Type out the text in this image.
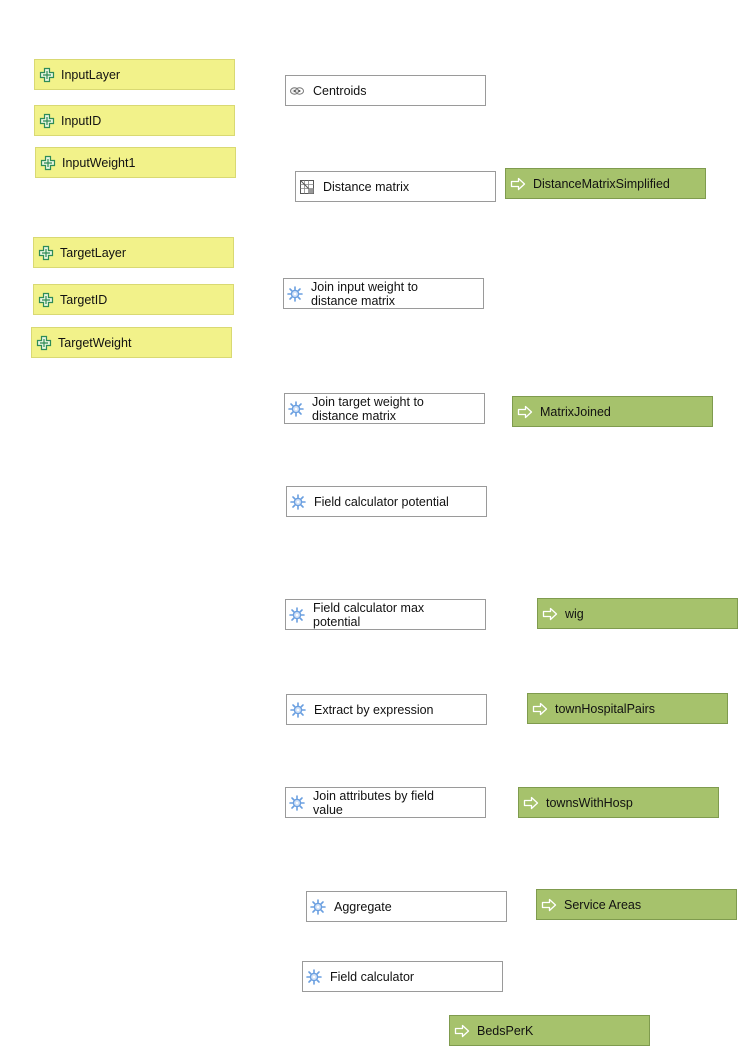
InputLayer
InputID
InputWeight1
TargetLayer
TargetID
TargetWeight
Centroids
Distance matrix
Join input weight to distance matrix
Join target weight to distance matrix
Field calculator potential
Field calculator max potential
Extract by expression
Join attributes by field value
Aggregate
Field calculator
DistanceMatrixSimplified
MatrixJoined
wig
townHospitalPairs
townsWithHosp
Service Areas
BedsPerK
